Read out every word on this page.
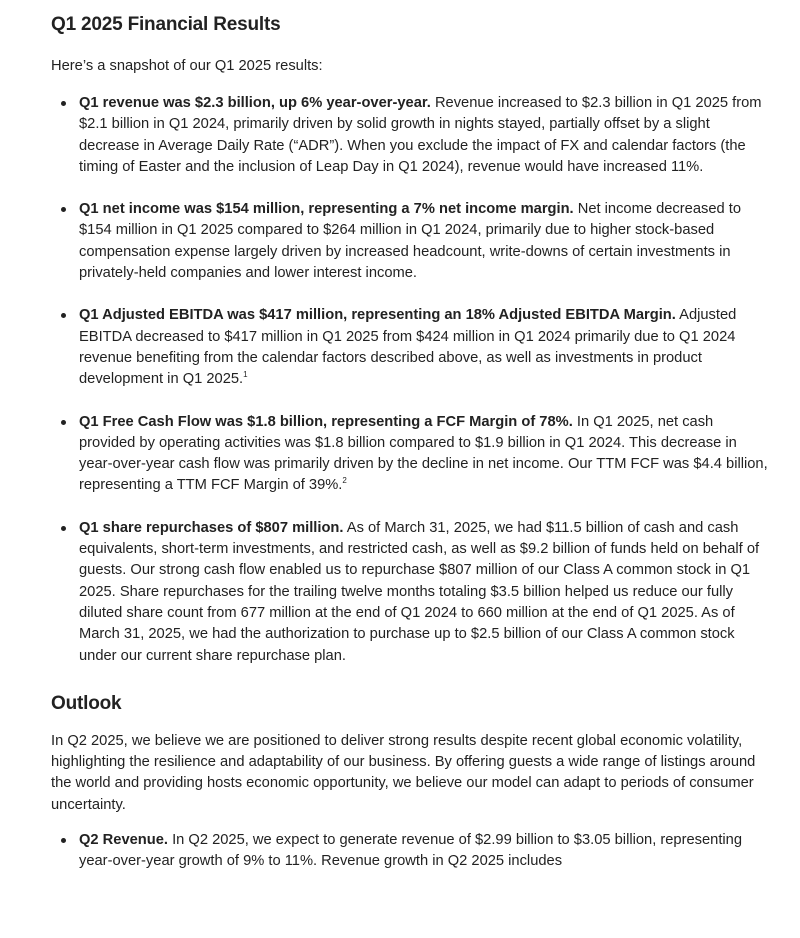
Q1 2025 Financial Results

Here’s a snapshot of our Q1 2025 results:

Q1 revenue was $2.3 billion, up 6% year-over-year. Revenue increased to $2.3 billion in Q1 2025 from $2.1 billion in Q1 2024, primarily driven by solid growth in nights stayed, partially offset by a slight decrease in Average Daily Rate (“ADR”). When you exclude the impact of FX and calendar factors (the timing of Easter and the inclusion of Leap Day in Q1 2024), revenue would have increased 11%.
Q1 net income was $154 million, representing a 7% net income margin. Net income decreased to $154 million in Q1 2025 compared to $264 million in Q1 2024, primarily due to higher stock-based compensation expense largely driven by increased headcount, write-downs of certain investments in privately-held companies and lower interest income.
Q1 Adjusted EBITDA was $417 million, representing an 18% Adjusted EBITDA Margin. Adjusted EBITDA decreased to $417 million in Q1 2025 from $424 million in Q1 2024 primarily due to Q1 2024 revenue benefiting from the calendar factors described above, as well as investments in product development in Q1 2025.$^1$
Q1 Free Cash Flow was $1.8 billion, representing a FCF Margin of 78%. In Q1 2025, net cash provided by operating activities was $1.8 billion compared to $1.9 billion in Q1 2024. This decrease in year-over-year cash flow was primarily driven by the decline in net income. Our TTM FCF was $4.4 billion, representing a TTM FCF Margin of 39%.$^2$
Q1 share repurchases of $807 million. As of March 31, 2025, we had $11.5 billion of cash and cash equivalents, short-term investments, and restricted cash, as well as $9.2 billion of funds held on behalf of guests. Our strong cash flow enabled us to repurchase $807 million of our Class A common stock in Q1 2025. Share repurchases for the trailing twelve months totaling $3.5 billion helped us reduce our fully diluted share count from 677 million at the end of Q1 2024 to 660 million at the end of Q1 2025. As of March 31, 2025, we had the authorization to purchase up to $2.5 billion of our Class A common stock under our current share repurchase plan.
Outlook

In Q2 2025, we believe we are positioned to deliver strong results despite recent global economic volatility, highlighting the resilience and adaptability of our business. By offering guests a wide range of listings around the world and providing hosts economic opportunity, we believe our model can adapt to periods of consumer uncertainty.

Q2 Revenue. In Q2 2025, we expect to generate revenue of $2.99 billion to $3.05 billion, representing year-over-year growth of 9% to 11%. Revenue growth in Q2 2025 includes
